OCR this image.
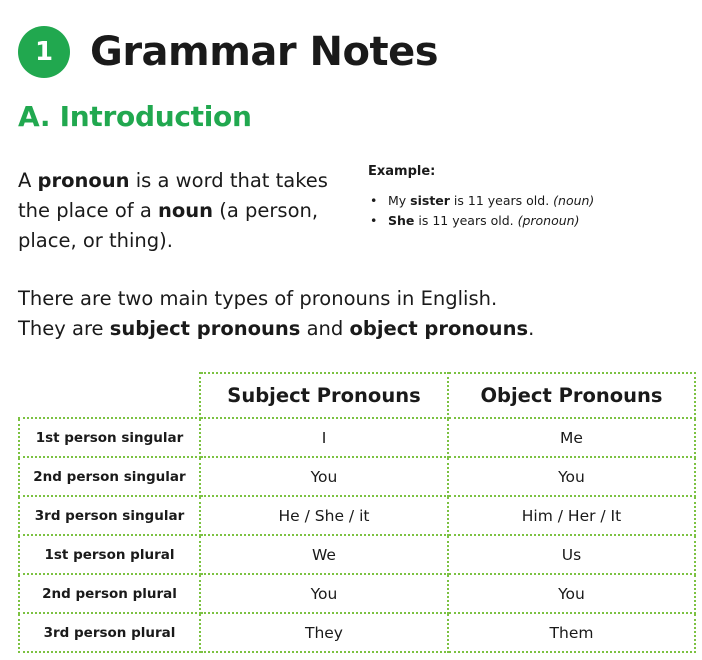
1 Grammar Notes
A. Introduction
A pronoun is a word that takes the place of a noun (a person, place, or thing).
Example:
• My sister is 11 years old. (noun)
• She is 11 years old. (pronoun)
There are two main types of pronouns in English.
They are subject pronouns and object pronouns.
	Subject Pronouns	Object Pronouns
1st person singular	I	Me
2nd person singular	You	You
3rd person singular	He / She / it	Him / Her / It
1st person plural	We	Us
2nd person plural	You	You
3rd person plural	They	Them
